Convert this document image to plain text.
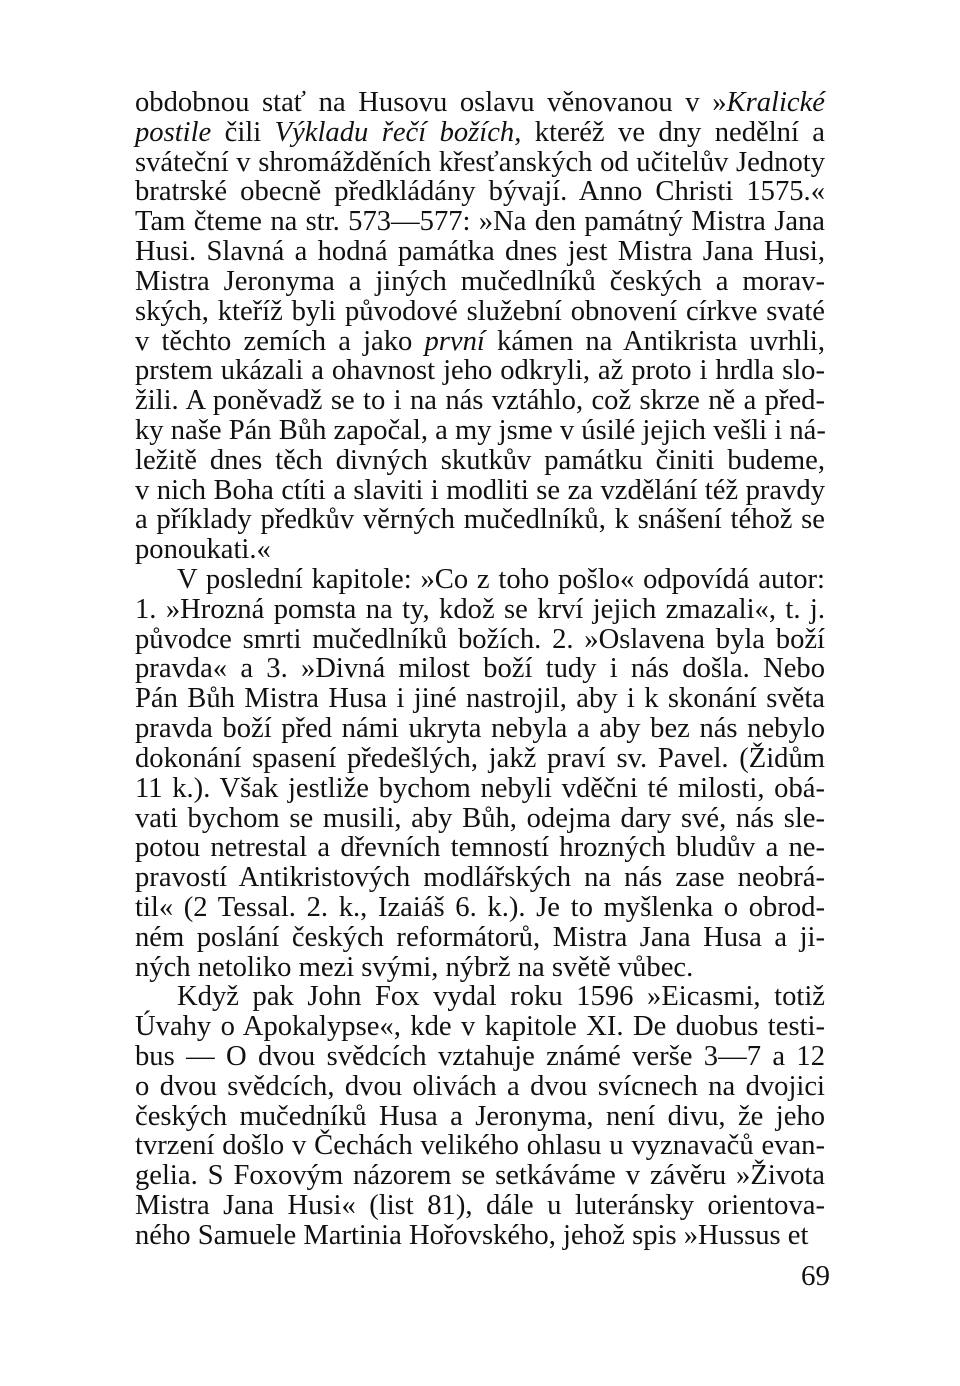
obdobnou stať na Husovu oslavu věnovanou v »Kralické
postile čili Výkladu řečí božích, kteréž ve dny nedělní a
sváteční v shromážděních křesťanských od učitelův Jednoty
bratrské obecně předkládány bývají. Anno Christi 1575.«
Tam čteme na str. 573—577: »Na den památný Mistra Jana
Husi. Slavná a hodná památka dnes jest Mistra Jana Husi,
Mistra Jeronyma a jiných mučedlníků českých a morav-
ských, kteříž byli původové služební obnovení církve svaté
v těchto zemích a jako první kámen na Antikrista uvrhli,
prstem ukázali a ohavnost jeho odkryli, až proto i hrdla slo-
žili. A poněvadž se to i na nás vztáhlo, což skrze ně a před-
ky naše Pán Bůh započal, a my jsme v úsilé jejich vešli i ná-
ležitě dnes těch divných skutkův památku činiti budeme,
v nich Boha ctíti a slaviti i modliti se za vzdělání též pravdy
a příklady předkův věrných mučedlníků, k snášení téhož se
ponoukati.«
V poslední kapitole: »Co z toho pošlo« odpovídá autor:
1. »Hrozná pomsta na ty, kdož se krví jejich zmazali«, t. j.
původce smrti mučedlníků božích. 2. »Oslavena byla boží
pravda« a 3. »Divná milost boží tudy i nás došla. Nebo
Pán Bůh Mistra Husa i jiné nastrojil, aby i k skonání světa
pravda boží před námi ukryta nebyla a aby bez nás nebylo
dokonání spasení předešlých, jakž praví sv. Pavel. (Židům
11 k.). Však jestliže bychom nebyli vděčni té milosti, obá-
vati bychom se musili, aby Bůh, odejma dary své, nás sle-
potou netrestal a dřevních temností hrozných bludův a ne-
pravostí Antikristových modlářských na nás zase neobrá-
til« (2 Tessal. 2. k., Izaiáš 6. k.). Je to myšlenka o obrod-
ném poslání českých reformátorů, Mistra Jana Husa a ji-
ných netoliko mezi svými, nýbrž na světě vůbec.
Když pak John Fox vydal roku 1596 »Eicasmi, totiž
Úvahy o Apokalypse«, kde v kapitole XI. De duobus testi-
bus — O dvou svědcích vztahuje známé verše 3—7 a 12
o dvou svědcích, dvou olivách a dvou svícnech na dvojici
českých mučedníků Husa a Jeronyma, není divu, že jeho
tvrzení došlo v Čechách velikého ohlasu u vyznavačů evan-
gelia. S Foxovým názorem se setkáváme v závěru »Života
Mistra Jana Husi« (list 81), dále u luteránsky orientova-
ného Samuele Martinia Hořovského, jehož spis »Hussus et
69
